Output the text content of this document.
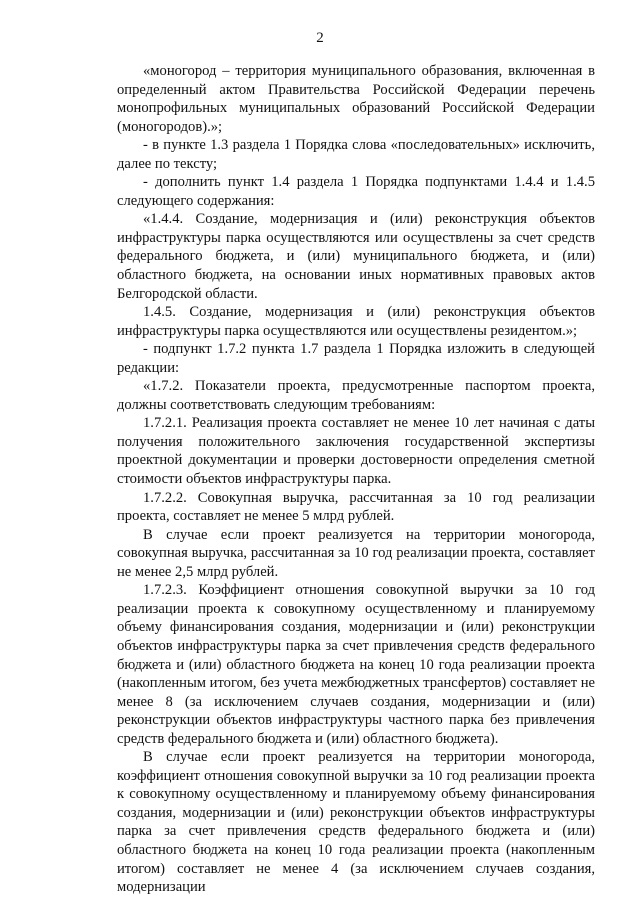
2

«моногород – территория муниципального образования, включенная в определенный актом Правительства Российской Федерации перечень монопрофильных муниципальных образований Российской Федерации (моногородов).»;

- в пункте 1.3 раздела 1 Порядка слова «последовательных» исключить, далее по тексту;

- дополнить пункт 1.4 раздела 1 Порядка подпунктами 1.4.4 и 1.4.5 следующего содержания:

«1.4.4. Создание, модернизация и (или) реконструкция объектов инфраструктуры парка осуществляются или осуществлены за счет средств федерального бюджета, и (или) муниципального бюджета, и (или) областного бюджета, на основании иных нормативных правовых актов Белгородской области.

1.4.5. Создание, модернизация и (или) реконструкция объектов инфраструктуры парка осуществляются или осуществлены резидентом.»;

- подпункт 1.7.2 пункта 1.7 раздела 1 Порядка изложить в следующей редакции:

«1.7.2. Показатели проекта, предусмотренные паспортом проекта, должны соответствовать следующим требованиям:

1.7.2.1. Реализация проекта составляет не менее 10 лет начиная с даты получения положительного заключения государственной экспертизы проектной документации и проверки достоверности определения сметной стоимости объектов инфраструктуры парка.

1.7.2.2. Совокупная выручка, рассчитанная за 10 год реализации проекта, составляет не менее 5 млрд рублей.

В случае если проект реализуется на территории моногорода, совокупная выручка, рассчитанная за 10 год реализации проекта, составляет не менее 2,5 млрд рублей.

1.7.2.3. Коэффициент отношения совокупной выручки за 10 год реализации проекта к совокупному осуществленному и планируемому объему финансирования создания, модернизации и (или) реконструкции объектов инфраструктуры парка за счет привлечения средств федерального бюджета и (или) областного бюджета на конец 10 года реализации проекта (накопленным итогом, без учета межбюджетных трансфертов) составляет не менее 8 (за исключением случаев создания, модернизации и (или) реконструкции объектов инфраструктуры частного парка без привлечения средств федерального бюджета и (или) областного бюджета).

В случае если проект реализуется на территории моногорода, коэффициент отношения совокупной выручки за 10 год реализации проекта к совокупному осуществленному и планируемому объему финансирования создания, модернизации и (или) реконструкции объектов инфраструктуры парка за счет привлечения средств федерального бюджета и (или) областного бюджета на конец 10 года реализации проекта (накопленным итогом) составляет не менее 4 (за исключением случаев создания, модернизации
